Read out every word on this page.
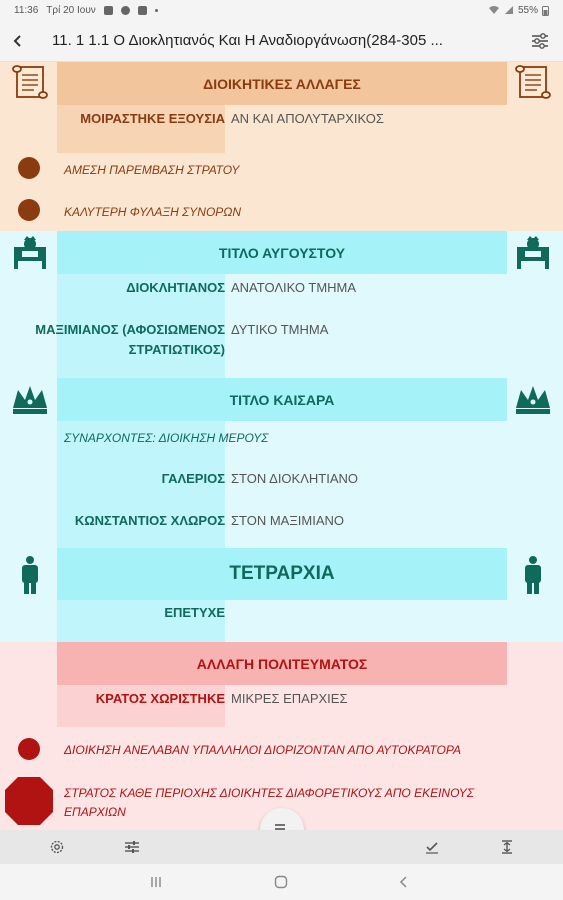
11:36 Τρί 20 Ιουν	55%
11. 1 1.1 Ο Διοκλητιανός Και Η Αναδιοργάνωση(284-305 ...
ΔΙΟΙΚΗΤΙΚΕΣ ΑΛΛΑΓΕΣ
ΜΟΙΡΑΣΤΗΚΕ ΕΞΟΥΣΙΑ ΑΝ ΚΑΙ ΑΠΟΛΥΤΑΡΧΙΚΟΣ
ΑΜΕΣΗ ΠΑΡΕΜΒΑΣΗ ΣΤΡΑΤΟΥ
ΚΑΛΥΤΕΡΗ ΦΥΛΑΞΗ ΣΥΝΟΡΩΝ
ΤΙΤΛΟ ΑΥΓΟΥΣΤΟΥ
ΔΙΟΚΛΗΤΙΑΝΟΣ ΑΝΑΤΟΛΙΚΟ ΤΜΗΜΑ
ΜΑΞΙΜΙΑΝΟΣ (ΑΦΟΣΙΩΜΕΝΟΣ ΣΤΡΑΤΙΩΤΙΚΟΣ)
ΔΥΤΙΚΟ ΤΜΗΜΑ
ΤΙΤΛΟ ΚΑΙΣΑΡΑ
ΣΥΝΑΡΧΟΝΤΕΣ: ΔΙΟΙΚΗΣΗ ΜΕΡΟΥΣ
ΓΑΛΕΡΙΟΣ ΣΤΟΝ ΔΙΟΚΛΗΤΙΑΝΟ
ΚΩΝΣΤΑΝΤΙΟΣ ΧΛΩΡΟΣ ΣΤΟΝ ΜΑΞΙΜΙΑΝΟ
ΤΕΤΡΑΡΧΙΑ
ΕΠΕΤΥΧΕ
ΑΛΛΑΓΗ ΠΟΛΙΤΕΥΜΑΤΟΣ
ΚΡΑΤΟΣ ΧΩΡΙΣΤΗΚΕ ΜΙΚΡΕΣ ΕΠΑΡΧΙΕΣ
ΔΙΟΙΚΗΣΗ ΑΝΕΛΑΒΑΝ ΥΠΑΛΛΗΛΟΙ ΔΙΟΡΙΖΟΝΤΑΝ ΑΠΟ ΑΥΤΟΚΡΑΤΟΡΑ
ΣΤΡΑΤΟΣ ΚΑΘΕ ΠΕΡΙΟΧΗΣ ΔΙΟΙΚΗΤΕΣ ΔΙΑΦΟΡΕΤΙΚΟΥΣ ΑΠΟ ΕΚΕΙΝΟΥΣ ΕΠΑΡΧΙΩΝ
